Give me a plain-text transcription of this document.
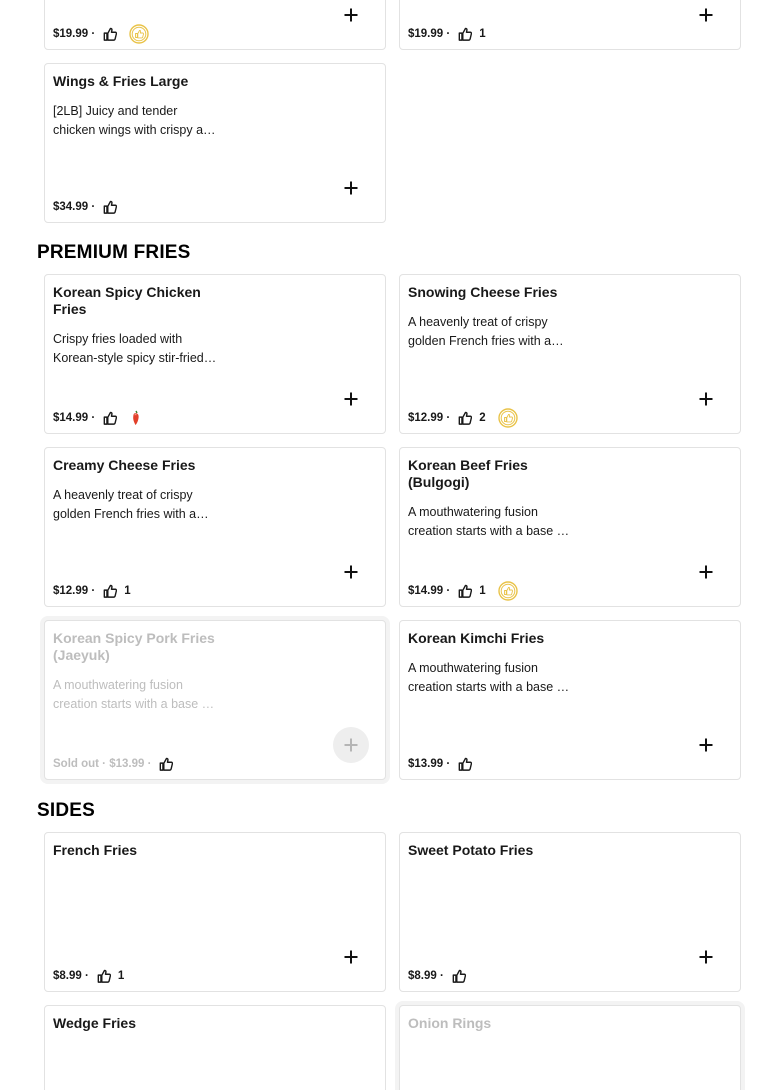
$19.99 ·	$19.99 ·	1
Wings & Fries Large
[2LB] Juicy and tender chicken wings with crispy a…
$34.99 ·
PREMIUM FRIES
Korean Spicy Chicken Fries
Crispy fries loaded with Korean-style spicy stir-fried…
$14.99 ·
Snowing Cheese Fries
A heavenly treat of crispy golden French fries with a…
$12.99 ·	2
Creamy Cheese Fries
A heavenly treat of crispy golden French fries with a…
$12.99 ·	1
Korean Beef Fries (Bulgogi)
A mouthwatering fusion creation starts with a base …
$14.99 ·	1
Korean Spicy Pork Fries (Jaeyuk)
A mouthwatering fusion creation starts with a base …
Sold out · $13.99 ·
Korean Kimchi Fries
A mouthwatering fusion creation starts with a base …
$13.99 ·
SIDES
French Fries
$8.99 ·	1
Sweet Potato Fries
$8.99 ·
Wedge Fries	Onion Rings
